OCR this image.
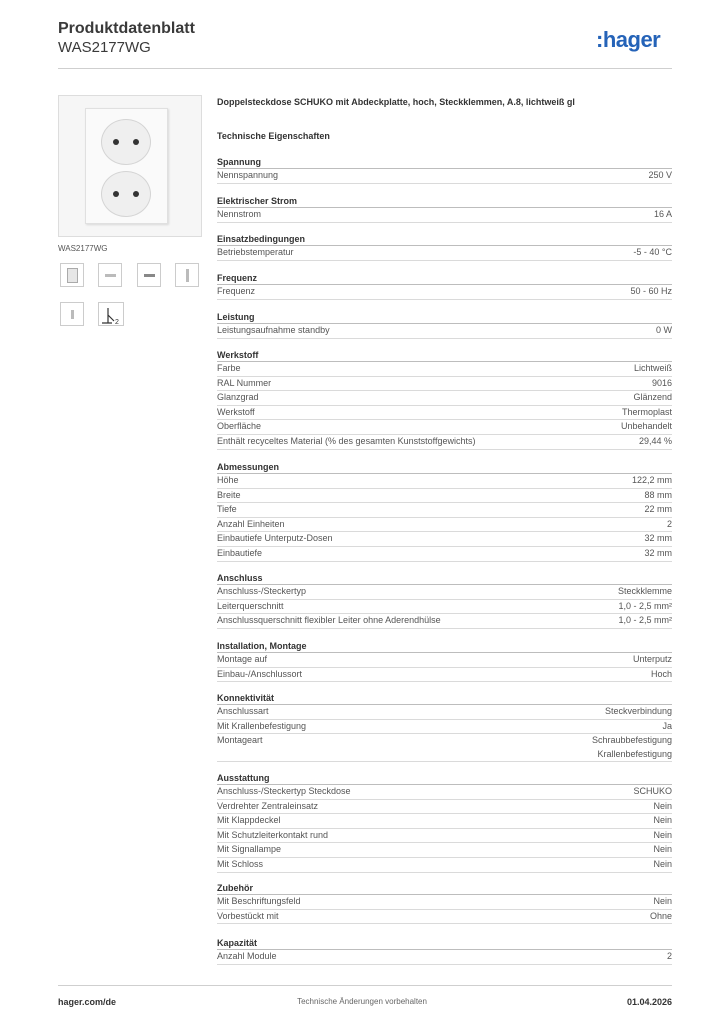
Produktdatenblatt
WAS2177WG	:hager
WAS2177WG
2
Doppelsteckdose SCHUKO mit Abdeckplatte, hoch, Steckklemmen, A.8, lichtweiß gl
Technische Eigenschaften
Spannung
Nennspannung	250 V
Elektrischer Strom
Nennstrom	16 A
Einsatzbedingungen
Betriebstemperatur	-5 - 40 °C
Frequenz
Frequenz	50 - 60 Hz
Leistung
Leistungsaufnahme standby	0 W
Werkstoff
Farbe	Lichtweiß
RAL Nummer	9016
Glanzgrad	Glänzend
Werkstoff	Thermoplast
Oberfläche	Unbehandelt
Enthält recyceltes Material (% des gesamten Kunststoffgewichts)	29,44 %
Abmessungen
Höhe	122,2 mm
Breite	88 mm
Tiefe	22 mm
Anzahl Einheiten	2
Einbautiefe Unterputz-Dosen	32 mm
Einbautiefe	32 mm
Anschluss
Anschluss-/Steckertyp	Steckklemme
Leiterquerschnitt	1,0 - 2,5 mm²
Anschlussquerschnitt flexibler Leiter ohne Aderendhülse	1,0 - 2,5 mm²
Installation, Montage
Montage auf	Unterputz
Einbau-/Anschlussort	Hoch
Konnektivität
Anschlussart	Steckverbindung
Mit Krallenbefestigung	Ja
Montageart	Schraubbefestigung
Krallenbefestigung
Ausstattung
Anschluss-/Steckertyp Steckdose	SCHUKO
Verdrehter Zentraleinsatz	Nein
Mit Klappdeckel	Nein
Mit Schutzleiterkontakt rund	Nein
Mit Signallampe	Nein
Mit Schloss	Nein
Zubehör
Mit Beschriftungsfeld	Nein
Vorbestückt mit	Ohne
Kapazität
Anzahl Module	2
hager.com/de	Technische Änderungen vorbehalten	01.04.2026
